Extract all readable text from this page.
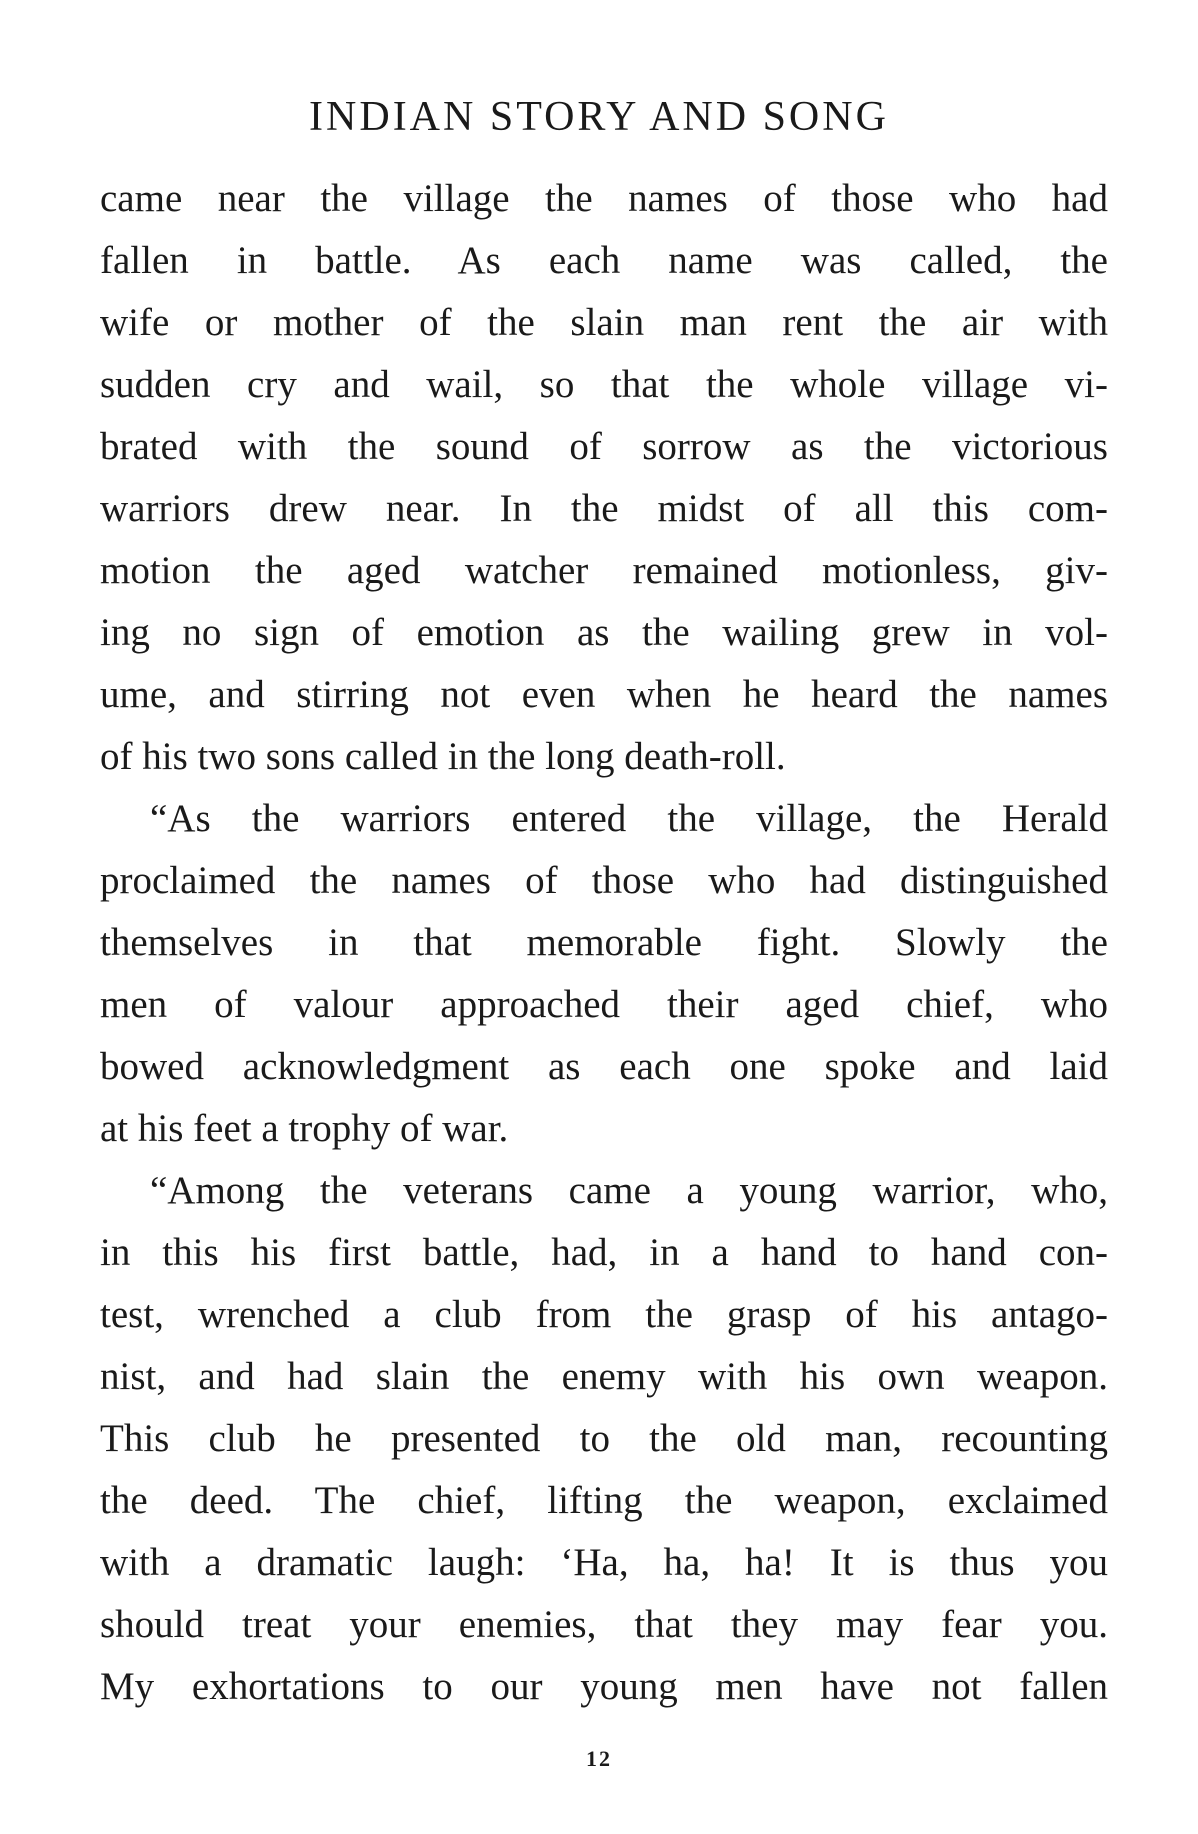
INDIAN STORY AND SONG
came near the village the names of those who had
fallen in battle. As each name was called, the
wife or mother of the slain man rent the air with
sudden cry and wail, so that the whole village vi-
brated with the sound of sorrow as the victorious
warriors drew near. In the midst of all this com-
motion the aged watcher remained motionless, giv-
ing no sign of emotion as the wailing grew in vol-
ume, and stirring not even when he heard the names
of his two sons called in the long death-roll.
“As the warriors entered the village, the Herald
proclaimed the names of those who had distinguished
themselves in that memorable fight. Slowly the
men of valour approached their aged chief, who
bowed acknowledgment as each one spoke and laid
at his feet a trophy of war.
“Among the veterans came a young warrior, who,
in this his first battle, had, in a hand to hand con-
test, wrenched a club from the grasp of his antago-
nist, and had slain the enemy with his own weapon.
This club he presented to the old man, recounting
the deed. The chief, lifting the weapon, exclaimed
with a dramatic laugh: ‘Ha, ha, ha! It is thus you
should treat your enemies, that they may fear you.
My exhortations to our young men have not fallen
12
